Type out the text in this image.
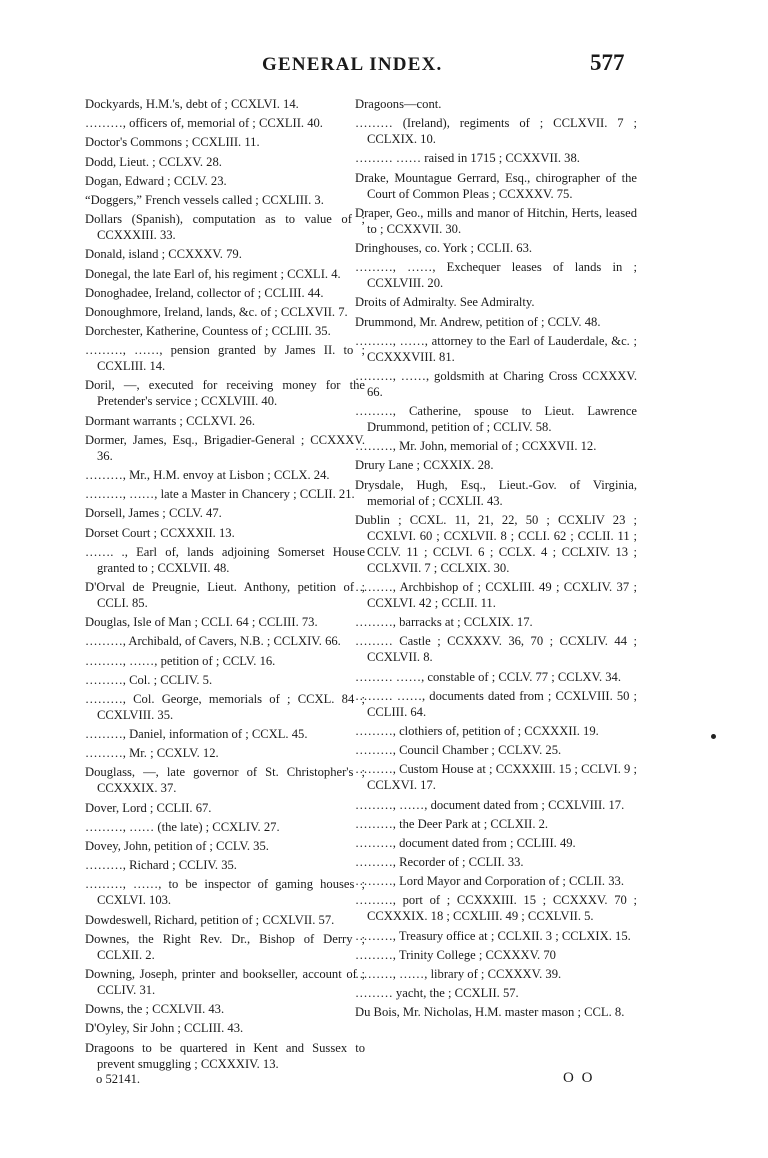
GENERAL INDEX.	577

Dockyards, H.M.'s, debt of ; CCXLVI. 14.

………, officers of, memorial of ; CCXLII. 40.

Doctor's Commons ; CCXLIII. 11.

Dodd, Lieut. ; CCLXV. 28.

Dogan, Edward ; CCLV. 23.

“Doggers,” French vessels called ; CCXLIII. 3.

Dollars (Spanish), computation as to value of ; CCXXXIII. 33.

Donald, island ; CCXXXV. 79.

Donegal, the late Earl of, his regiment ; CCXLI. 4.

Donoghadee, Ireland, collector of ; CCLIII. 44.

Donoughmore, Ireland, lands, &c. of ; CCLXVII. 7.

Dorchester, Katherine, Countess of ; CCLIII. 35.

………, ……, pension granted by James II. to ; CCXLIII. 14.

Doril, —, executed for receiving money for the Pretender's service ; CCXLVIII. 40.

Dormant warrants ; CCLXVI. 26.

Dormer, James, Esq., Brigadier-General ; CCXXXV. 36.

………, Mr., H.M. envoy at Lisbon ; CCLX. 24.

………, ……, late a Master in Chancery ; CCLII. 21.

Dorsell, James ; CCLV. 47.

Dorset Court ; CCXXXII. 13.

……. ., Earl of, lands adjoining Somerset House granted to ; CCXLVII. 48.

D'Orval de Preugnie, Lieut. Anthony, petition of ; CCLI. 85.

Douglas, Isle of Man ; CCLI. 64 ; CCLIII. 73.

………, Archibald, of Cavers, N.B. ; CCLXIV. 66.

………, ……, petition of ; CCLV. 16.

………, Col. ; CCLIV. 5.

………, Col. George, memorials of ; CCXL. 84 ; CCXLVIII. 35.

………, Daniel, information of ; CCXL. 45.

………, Mr. ; CCXLV. 12.

Douglass, —, late governor of St. Christopher's ; CCXXXIX. 37.

Dover, Lord ; CCLII. 67.

………, …… (the late) ; CCXLIV. 27.

Dovey, John, petition of ; CCLV. 35.

………, Richard ; CCLIV. 35.

………, ……, to be inspector of gaming houses ; CCXLVI. 103.

Dowdeswell, Richard, petition of ; CCXLVII. 57.

Downes, the Right Rev. Dr., Bishop of Derry ; CCLXII. 2.

Downing, Joseph, printer and bookseller, account of ; CCLIV. 31.

Downs, the ; CCXLVII. 43.

D'Oyley, Sir John ; CCLIII. 43.

Dragoons to be quartered in Kent and Sussex to prevent smuggling ; CCXXXIV. 13.

Dragoons—cont.

……… (Ireland), regiments of ; CCLXVII. 7 ; CCLXIX. 10.

……… …… raised in 1715 ; CCXXVII. 38.

Drake, Mountague Gerrard, Esq., chirographer of the Court of Common Pleas ; CCXXXV. 75.

Draper, Geo., mills and manor of Hitchin, Herts, leased to ; CCXXVII. 30.

Dringhouses, co. York ; CCLII. 63.

………, ……, Exchequer leases of lands in ; CCXLVIII. 20.

Droits of Admiralty. See Admiralty.

Drummond, Mr. Andrew, petition of ; CCLV. 48.

………, ……, attorney to the Earl of Lauderdale, &c. ; CCXXXVIII. 81.

………, ……, goldsmith at Charing Cross CCXXXV. 66.

………, Catherine, spouse to Lieut. Lawrence Drummond, petition of ; CCLIV. 58.

………, Mr. John, memorial of ; CCXXVII. 12.

Drury Lane ; CCXXIX. 28.

Drysdale, Hugh, Esq., Lieut.-Gov. of Virginia, memorial of ; CCXLII. 43.

Dublin ; CCXL. 11, 21, 22, 50 ; CCXLIV 23 ; CCXLVI. 60 ; CCXLVII. 8 ; CCLI. 62 ; CCLII. 11 ; CCLV. 11 ; CCLVI. 6 ; CCLX. 4 ; CCLXIV. 13 ; CCLXVII. 7 ; CCLXIX. 30.

………, Archbishop of ; CCXLIII. 49 ; CCXLIV. 37 ; CCXLVI. 42 ; CCLII. 11.

………, barracks at ; CCLXIX. 17.

……… Castle ; CCXXXV. 36, 70 ; CCXLIV. 44 ; CCXLVII. 8.

……… ……, constable of ; CCLV. 77 ; CCLXV. 34.

……… ……, documents dated from ; CCXLVIII. 50 ; CCLIII. 64.

………, clothiers of, petition of ; CCXXXII. 19.

………, Council Chamber ; CCLXV. 25.

………, Custom House at ; CCXXXIII. 15 ; CCLVI. 9 ; CCLXVI. 17.

………, ……, document dated from ; CCXLVIII. 17.

………, the Deer Park at ; CCLXII. 2.

………, document dated from ; CCLIII. 49.

………, Recorder of ; CCLII. 33.

………, Lord Mayor and Corporation of ; CCLII. 33.

………, port of ; CCXXXIII. 15 ; CCXXXV. 70 ; CCXXXIX. 18 ; CCXLIII. 49 ; CCXLVII. 5.

………, Treasury office at ; CCLXII. 3 ; CCLXIX. 15.

………, Trinity College ; CCXXXV. 70

………, ……, library of ; CCXXXV. 39.

……… yacht, the ; CCXLII. 57.

Du Bois, Mr. Nicholas, H.M. master mason ; CCL. 8.

o 52141.	O O
